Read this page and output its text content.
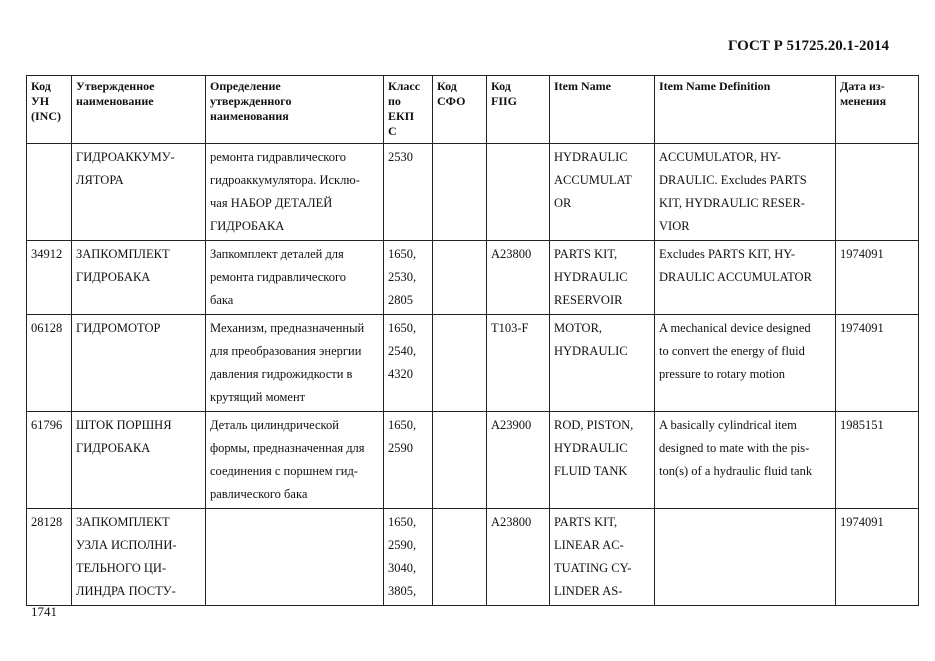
ГОСТ Р 51725.20.1-2014
Код
УН
(INC)	Утвержденное
наименование	Определение
утвержденного
наименования	Класс
по
ЕКП
С	Код
СФО	Код
FIIG	Item Name	Item Name Definition	Дата из-
менения

	ГИДРОАККУМУ-
ЛЯТОРА	ремонта гидравлического
гидроаккумулятора. Исклю-
чая НАБОР ДЕТАЛЕЙ
ГИДРОБАКА	2530			HYDRAULIC
ACCUMULAT
OR	ACCUMULATOR, HY-
DRAULIC. Excludes PARTS
KIT, HYDRAULIC RESER-
VIOR	

34912	ЗАПКОМПЛЕКТ
ГИДРОБАКА	Запкомплект деталей для
ремонта гидравлического
бака	1650,
2530,
2805		A23800	PARTS KIT,
HYDRAULIC
RESERVOIR	Excludes PARTS KIT, HY-
DRAULIC ACCUMULATOR	1974091
06128	ГИДРОМОТОР	Механизм, предназначенный
для преобразования энергии
давления гидрожидкости в
крутящий момент	1650,
2540,
4320		T103-F	MOTOR,
HYDRAULIC	A mechanical device designed
to convert the energy of fluid
pressure to rotary motion	1974091
61796	ШТОК ПОРШНЯ
ГИДРОБАКА	Деталь цилиндрической
формы, предназначенная для
соединения с поршнем гид-
равлического бака	1650,
2590		A23900	ROD, PISTON,
HYDRAULIC
FLUID TANK	A basically cylindrical item
designed to mate with the pis-
ton(s) of a hydraulic fluid tank	1985151
28128	ЗАПКОМПЛЕКТ
УЗЛА ИСПОЛНИ-
ТЕЛЬНОГО ЦИ-
ЛИНДРА ПОСТУ-		1650,
2590,
3040,
3805,		A23800	PARTS KIT,
LINEAR AC-
TUATING CY-
LINDER AS-		1974091
1741
